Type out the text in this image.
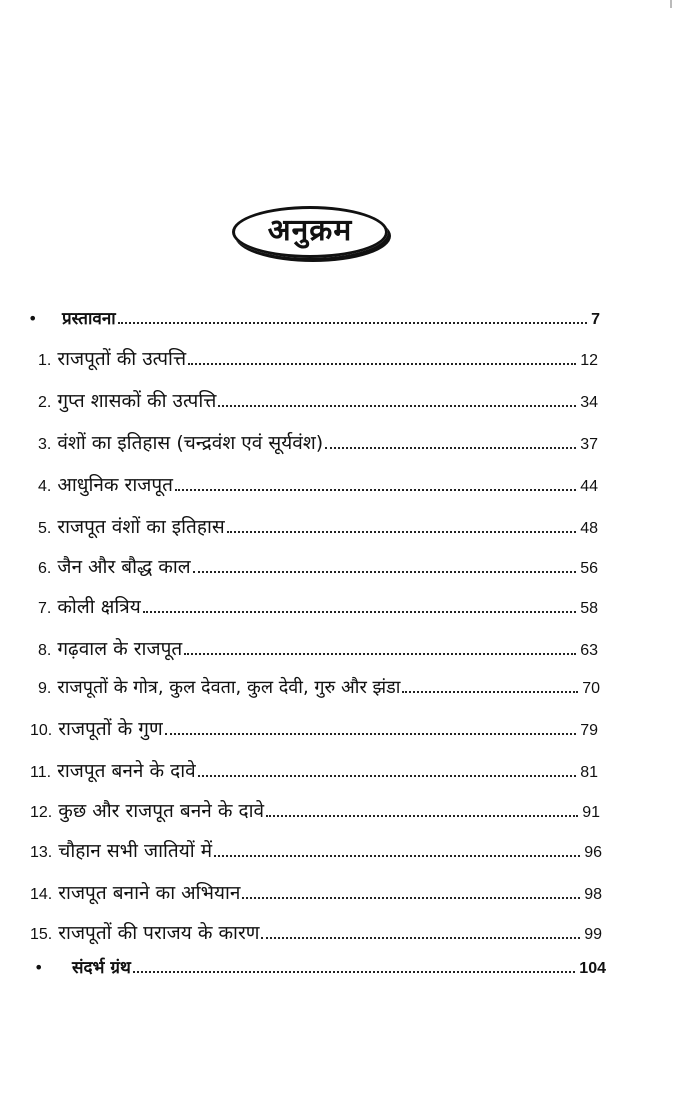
अनुक्रम
• प्रस्तावना	7
1. राजपूतों की उत्पत्ति	12
2. गुप्त शासकों की उत्पत्ति	34
3. वंशों का इतिहास (चन्द्रवंश एवं सूर्यवंश)	37
4. आधुनिक राजपूत	44
5. राजपूत वंशों का इतिहास	48
6. जैन और बौद्ध काल	56
7. कोली क्षत्रिय	58
8. गढ़वाल के राजपूत	63
9. राजपूतों के गोत्र, कुल देवता, कुल देवी, गुरु और झंडा	70
10. राजपूतों के गुण	79
11. राजपूत बनने के दावे	81
12. कुछ और राजपूत बनने के दावे	91
13. चौहान सभी जातियों में	96
14. राजपूत बनाने का अभियान	98
15. राजपूतों की पराजय के कारण	99
• संदर्भ ग्रंथ	104
